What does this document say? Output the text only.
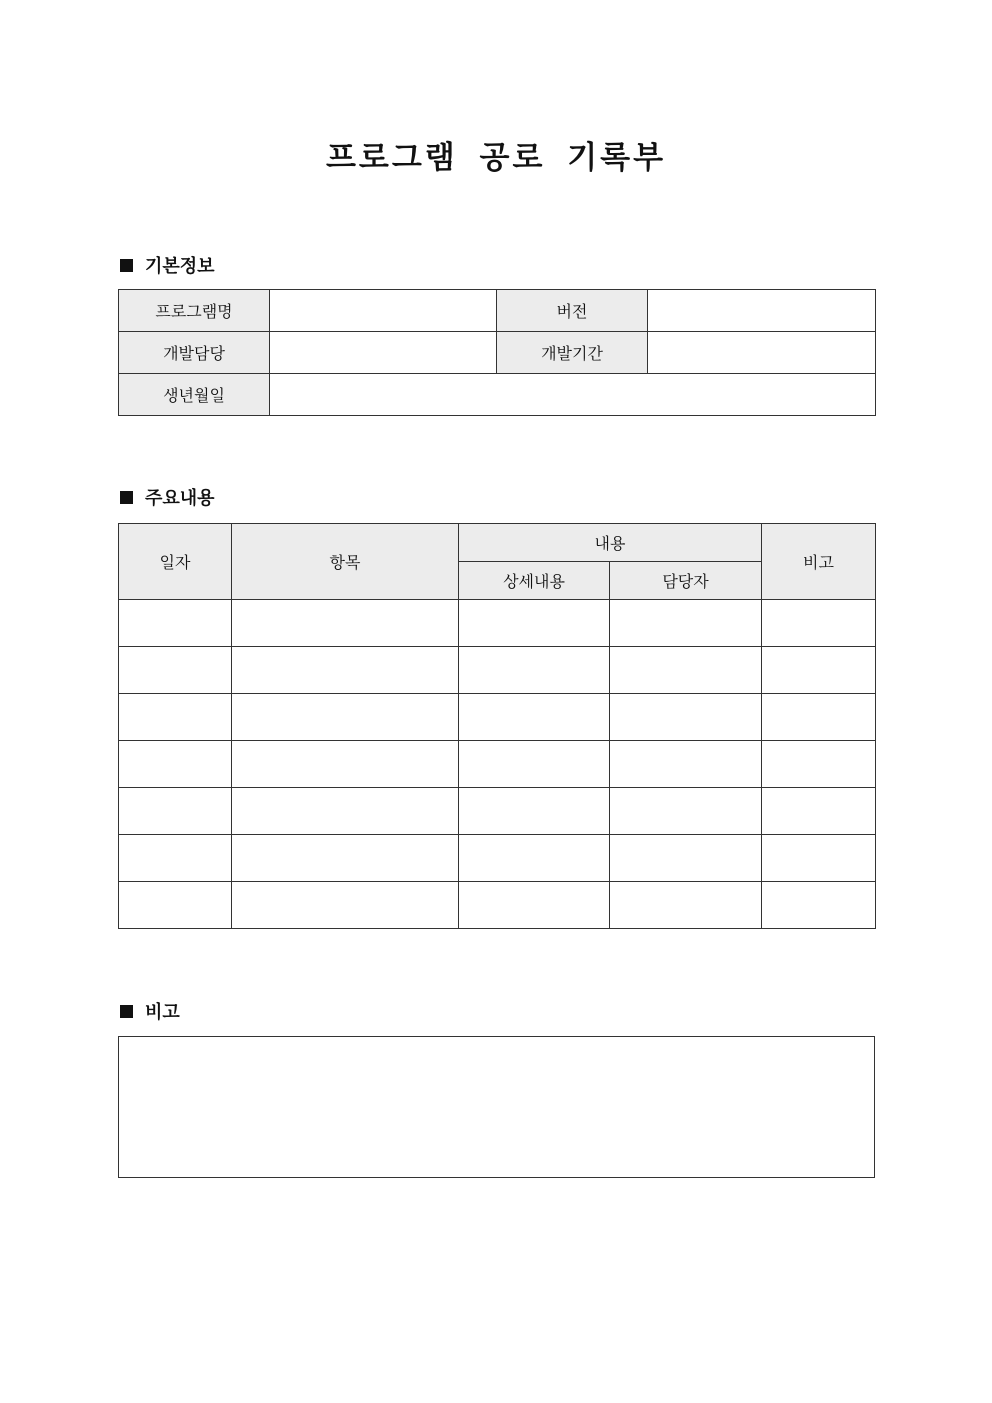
프로그램 공로 기록부
기본정보
프로그램명		버전	
개발담당		개발기간	
생년월일			
주요내용
일자	항목	내용		비고
		상세내용	담당자	

비고
